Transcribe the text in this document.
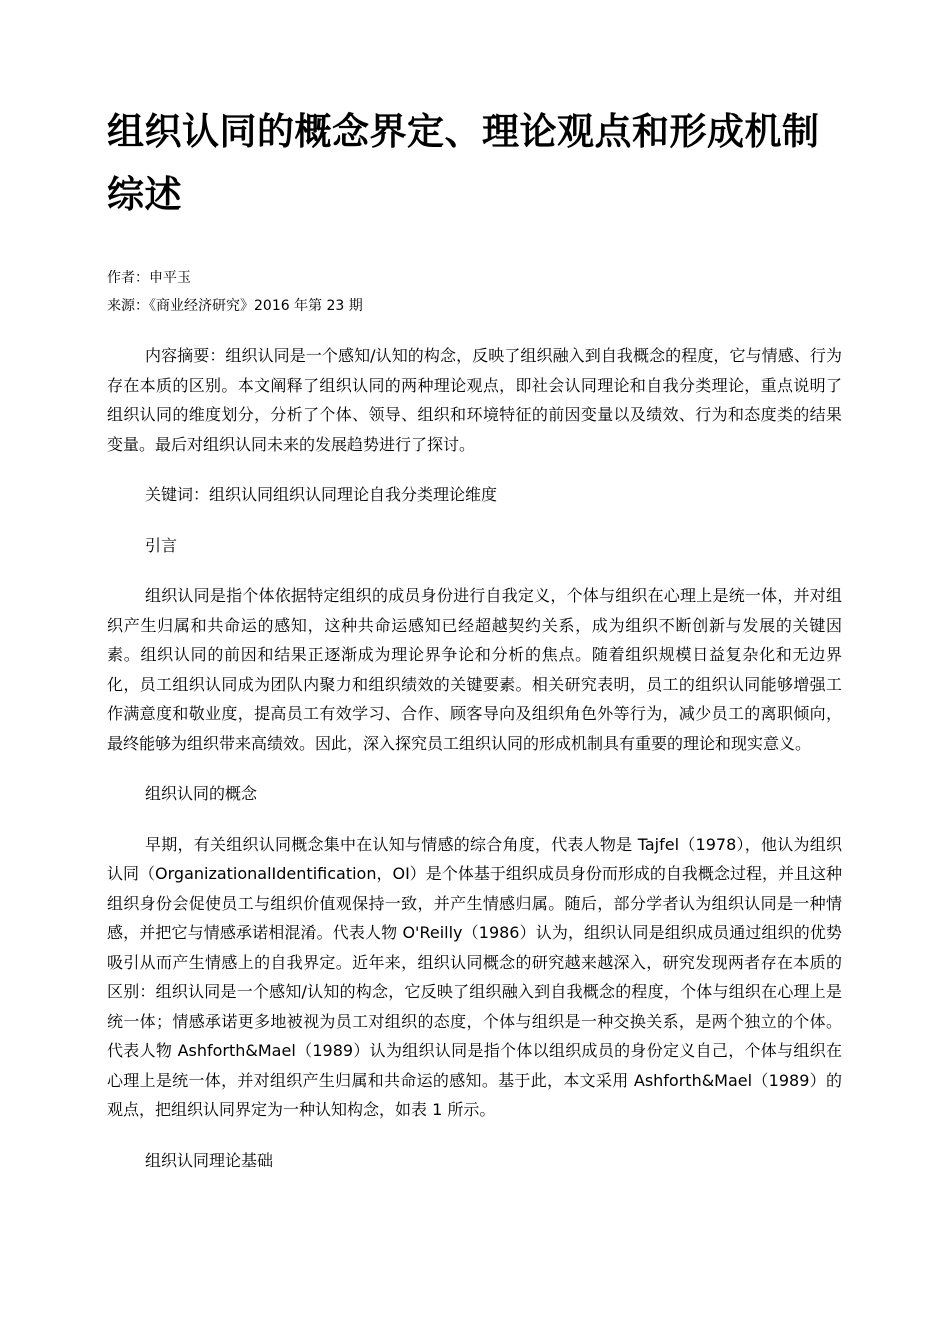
组织认同的概念界定、理论观点和形成机制综述
作者：申平玉
来源：《商业经济研究》2016 年第 23 期

内容摘要：组织认同是一个感知/认知的构念，反映了组织融入到自我概念的程度，它与情感、行为存在本质的区别。本文阐释了组织认同的两种理论观点，即社会认同理论和自我分类理论，重点说明了组织认同的维度划分，分析了个体、领导、组织和环境特征的前因变量以及绩效、行为和态度类的结果变量。最后对组织认同未来的发展趋势进行了探讨。

关键词：组织认同组织认同理论自我分类理论维度

引言

组织认同是指个体依据特定组织的成员身份进行自我定义，个体与组织在心理上是统一体，并对组织产生归属和共命运的感知，这种共命运感知已经超越契约关系，成为组织不断创新与发展的关键因素。组织认同的前因和结果正逐渐成为理论界争论和分析的焦点。随着组织规模日益复杂化和无边界化，员工组织认同成为团队内聚力和组织绩效的关键要素。相关研究表明，员工的组织认同能够增强工作满意度和敬业度，提高员工有效学习、合作、顾客导向及组织角色外等行为，减少员工的离职倾向，最终能够为组织带来高绩效。因此，深入探究员工组织认同的形成机制具有重要的理论和现实意义。

组织认同的概念

早期，有关组织认同概念集中在认知与情感的综合角度，代表人物是 Tajfel（1978），他认为组织认同（OrganizationalIdentification，OI）是个体基于组织成员身份而形成的自我概念过程，并且这种组织身份会促使员工与组织价值观保持一致，并产生情感归属。随后，部分学者认为组织认同是一种情感，并把它与情感承诺相混淆。代表人物 O'Reilly（1986）认为，组织认同是组织成员通过组织的优势吸引从而产生情感上的自我界定。近年来，组织认同概念的研究越来越深入，研究发现两者存在本质的区别：组织认同是一个感知/认知的构念，它反映了组织融入到自我概念的程度，个体与组织在心理上是统一体；情感承诺更多地被视为员工对组织的态度，个体与组织是一种交换关系，是两个独立的个体。代表人物 Ashforth&Mael（1989）认为组织认同是指个体以组织成员的身份定义自己，个体与组织在心理上是统一体，并对组织产生归属和共命运的感知。基于此，本文采用 Ashforth&Mael（1989）的观点，把组织认同界定为一种认知构念，如表 1 所示。

组织认同理论基础
